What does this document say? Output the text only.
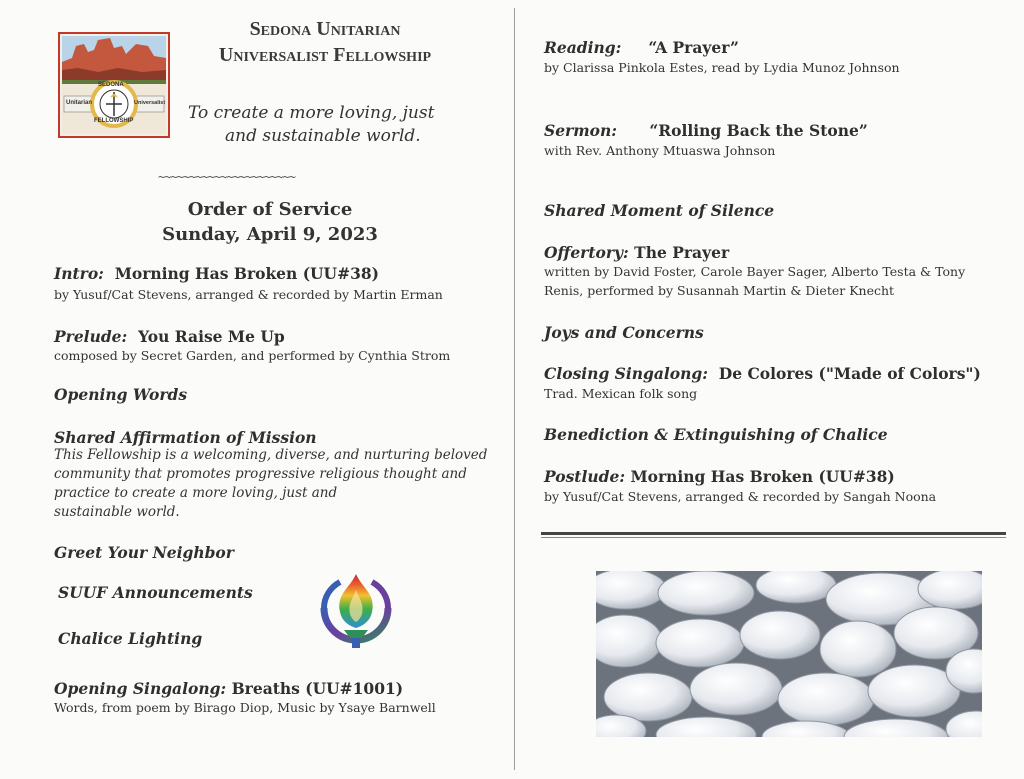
SEDONA
Unitarian	Universalist
FELLOWSHIP
Sedona Unitarian
Universalist Fellowship
To create a more loving, just
and sustainable world.
~~~~~~~~~~~~~~~~~~~~~~
Order of Service
Sunday, April 9, 2023
Intro: Morning Has Broken (UU#38)
by Yusuf/Cat Stevens, arranged & recorded by Martin Erman
Prelude: You Raise Me Up
composed by Secret Garden, and performed by Cynthia Strom
Opening Words
Shared Affirmation of Mission
This Fellowship is a welcoming, diverse, and nurturing beloved
community that promotes progressive religious thought and
practice to create a more loving, just and
sustainable world.
Greet Your Neighbor
SUUF Announcements
Chalice Lighting
Opening Singalong: Breaths (UU#1001)
Words, from poem by Birago Diop, Music by Ysaye Barnwell
Reading: “A Prayer”
by Clarissa Pinkola Estes, read by Lydia Munoz Johnson
Sermon: “Rolling Back the Stone”
with Rev. Anthony Mtuaswa Johnson
Shared Moment of Silence
Offertory: The Prayer
written by David Foster, Carole Bayer Sager, Alberto Testa & Tony
Renis, performed by Susannah Martin & Dieter Knecht
Joys and Concerns
Closing Singalong: De Colores ("Made of Colors")
Trad. Mexican folk song
Benediction & Extinguishing of Chalice
Postlude: Morning Has Broken (UU#38)
by Yusuf/Cat Stevens, arranged & recorded by Sangah Noona
